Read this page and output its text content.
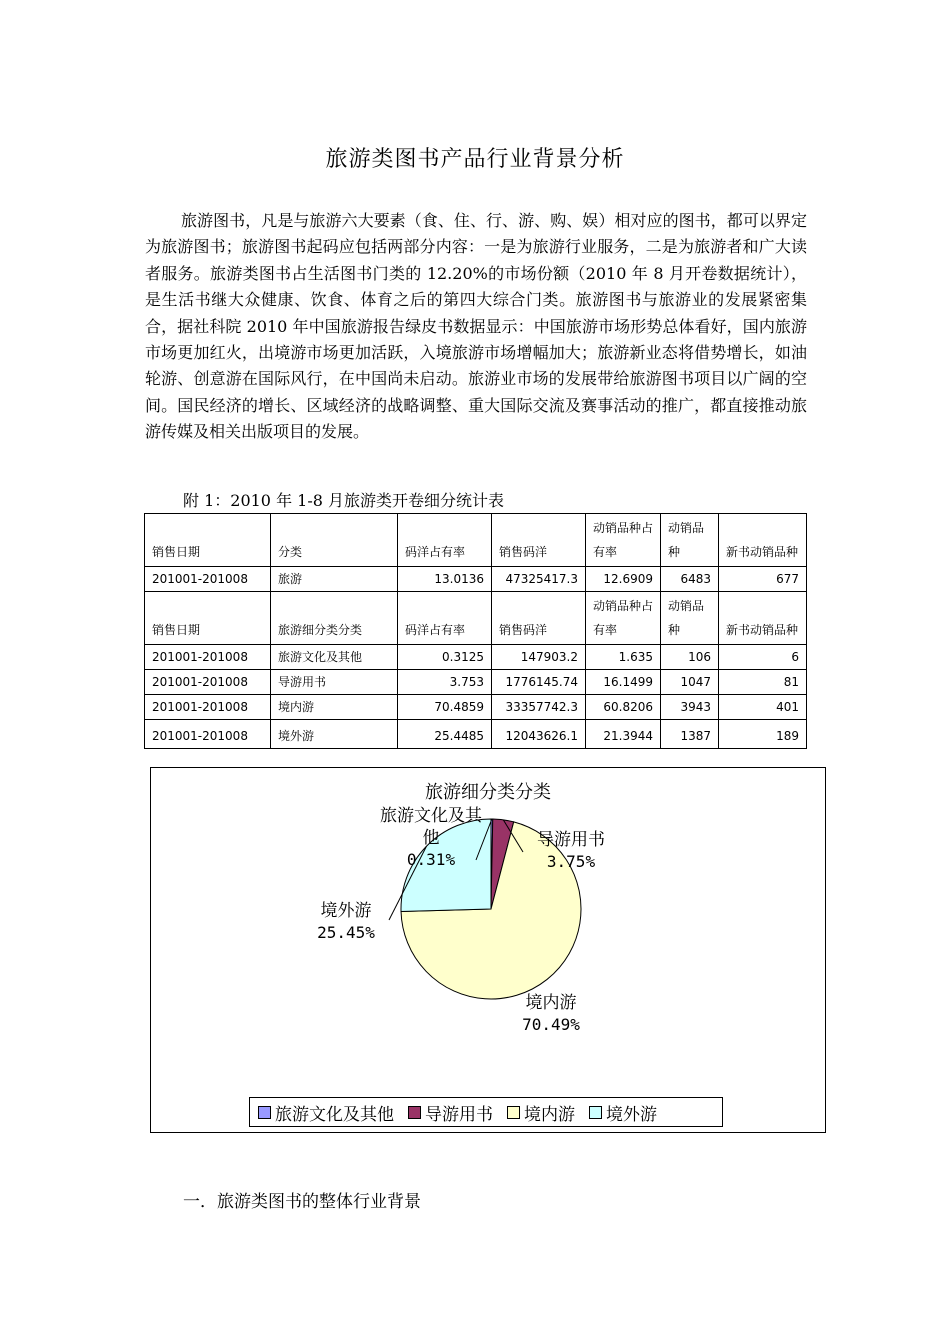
旅游类图书产品行业背景分析
旅游图书，凡是与旅游六大要素（食、住、行、游、购、娱）相对应的图书，都可以界定为旅游图书；旅游图书起码应包括两部分内容：一是为旅游行业服务，二是为旅游者和广大读者服务。旅游类图书占生活图书门类的 12.20%的市场份额（2010 年 8 月开卷数据统计），是生活书继大众健康、饮食、体育之后的第四大综合门类。旅游图书与旅游业的发展紧密集合，据社科院 2010 年中国旅游报告绿皮书数据显示：中国旅游市场形势总体看好，国内旅游市场更加红火，出境游市场更加活跃，入境旅游市场增幅加大；旅游新业态将借势增长，如油轮游、创意游在国际风行，在中国尚未启动。旅游业市场的发展带给旅游图书项目以广阔的空间。国民经济的增长、区域经济的战略调整、重大国际交流及赛事活动的推广，都直接推动旅游传媒及相关出版项目的发展。
附 1：2010 年 1-8 月旅游类开卷细分统计表
销售日期	分类	码洋占有率	销售码洋	动销品种占有率	动销品种	新书动销品种
201001-201008	旅游	13.0136	47325417.3	12.6909	6483	677
销售日期	旅游细分类分类	码洋占有率	销售码洋	动销品种占有率	动销品种	新书动销品种
201001-201008	旅游文化及其他	0.3125	147903.2	1.635	106	6
201001-201008	导游用书	3.753	1776145.74	16.1499	1047	81
201001-201008	境内游	70.4859	33357742.3	60.8206	3943	401
201001-201008	境外游	25.4485	12043626.1	21.3944	1387	189
旅游细分类分类
旅游文化及其
他
0.31%
导游用书
3.75%
境外游
25.45%
境内游
70.49%
旅游文化及其他 导游用书 境内游 境外游
一．旅游类图书的整体行业背景
